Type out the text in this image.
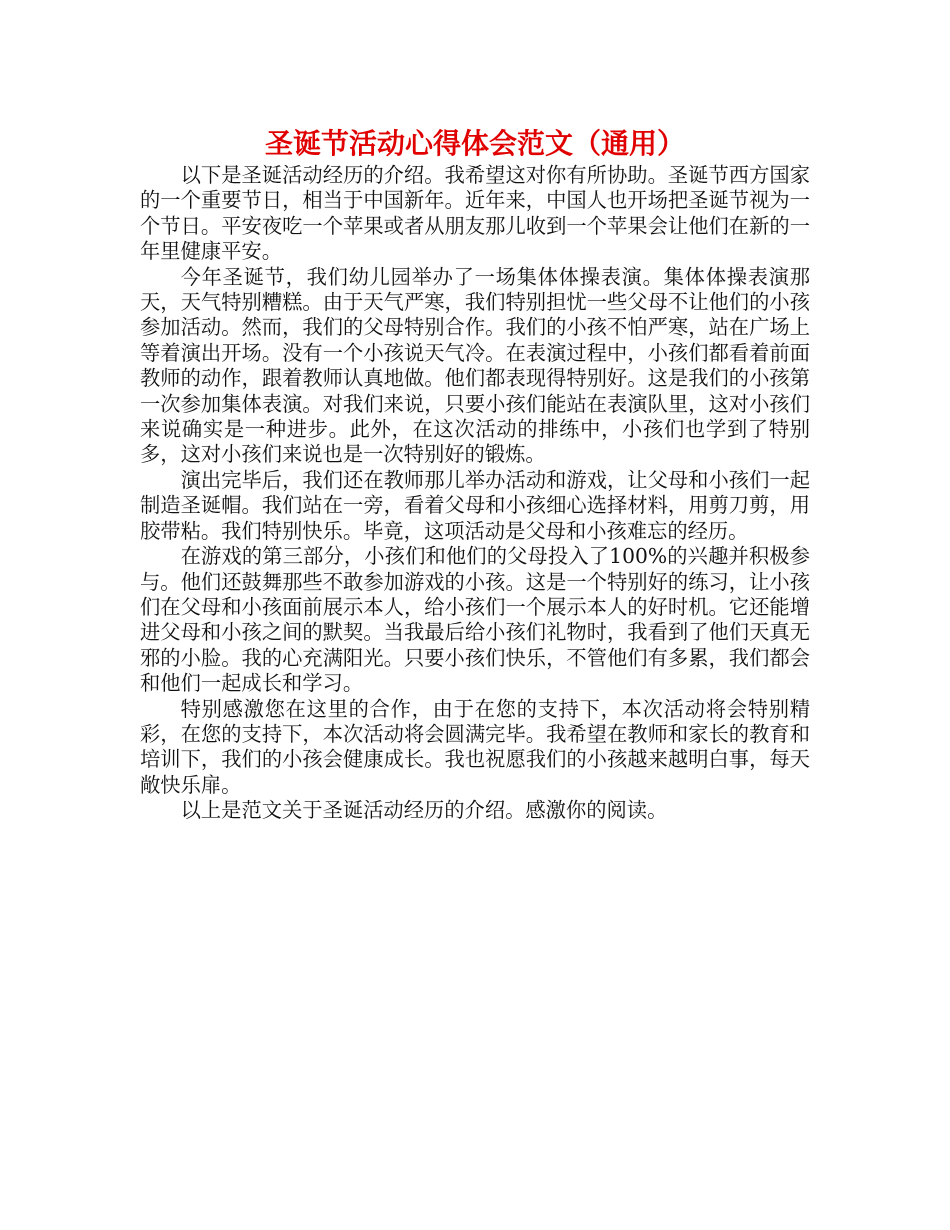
圣诞节活动心得体会范文（通用）

以下是圣诞活动经历的介绍。我希望这对你有所协助。圣诞节西方国家的一个重要节日，相当于中国新年。近年来，中国人也开场把圣诞节视为一个节日。平安夜吃一个苹果或者从朋友那儿收到一个苹果会让他们在新的一年里健康平安。

今年圣诞节，我们幼儿园举办了一场集体体操表演。集体体操表演那天，天气特别糟糕。由于天气严寒，我们特别担忧一些父母不让他们的小孩参加活动。然而，我们的父母特别合作。我们的小孩不怕严寒，站在广场上等着演出开场。没有一个小孩说天气冷。在表演过程中，小孩们都看着前面教师的动作，跟着教师认真地做。他们都表现得特别好。这是我们的小孩第一次参加集体表演。对我们来说，只要小孩们能站在表演队里，这对小孩们来说确实是一种进步。此外，在这次活动的排练中，小孩们也学到了特别多，这对小孩们来说也是一次特别好的锻炼。

演出完毕后，我们还在教师那儿举办活动和游戏，让父母和小孩们一起制造圣诞帽。我们站在一旁，看着父母和小孩细心选择材料，用剪刀剪，用胶带粘。我们特别快乐。毕竟，这项活动是父母和小孩难忘的经历。

在游戏的第三部分，小孩们和他们的父母投入了100%的兴趣并积极参与。他们还鼓舞那些不敢参加游戏的小孩。这是一个特别好的练习，让小孩们在父母和小孩面前展示本人，给小孩们一个展示本人的好时机。它还能增进父母和小孩之间的默契。当我最后给小孩们礼物时，我看到了他们天真无邪的小脸。我的心充满阳光。只要小孩们快乐，不管他们有多累，我们都会和他们一起成长和学习。

特别感激您在这里的合作，由于在您的支持下，本次活动将会特别精彩，在您的支持下，本次活动将会圆满完毕。我希望在教师和家长的教育和培训下，我们的小孩会健康成长。我也祝愿我们的小孩越来越明白事，每天敞快乐扉。

以上是范文关于圣诞活动经历的介绍。感激你的阅读。
